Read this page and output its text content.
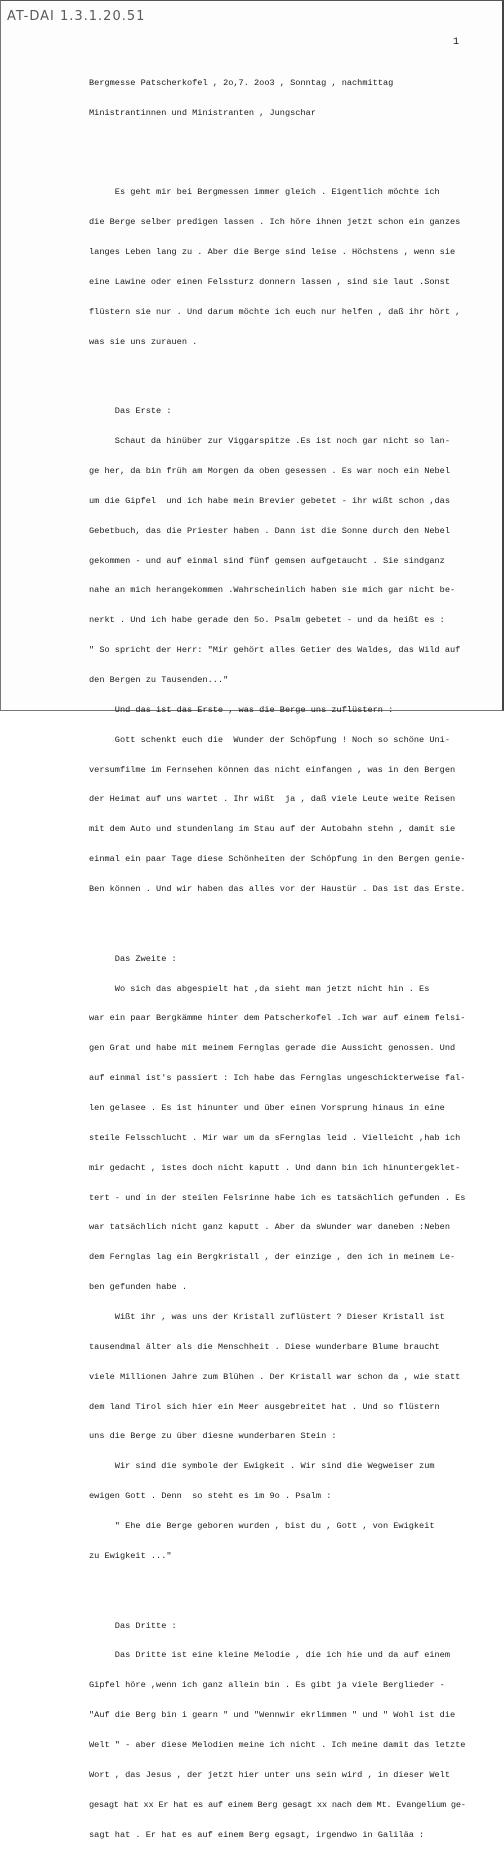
AT-DAI 1.3.1.20.51
1

Bergmesse Patscherkofel , 2o,7. 2oo3 , Sonntag , nachmittag

Ministrantinnen und Ministranten , Jungschar

Es geht mir bei Bergmessen immer gleich . Eigentlich möchte ich

die Berge selber predigen lassen . Ich höre ihnen jetzt schon ein ganzes

langes Leben lang zu . Aber die Berge sind leise . Höchstens , wenn sie

eine Lawine oder einen Felssturz donnern lassen , sind sie laut .Sonst

flüstern sie nur . Und darum möchte ich euch nur helfen , daß ihr hört ,

was sie uns zurauen .

Das Erste :

Schaut da hinüber zur Viggarspitze .Es ist noch gar nicht so lan-

ge her, da bin früh am Morgen da oben gesessen . Es war noch ein Nebel

um die Gipfel  und ich habe mein Brevier gebetet - ihr wißt schon ,das

Gebetbuch, das die Priester haben . Dann ist die Sonne durch den Nebel

gekommen - und auf einmal sind fünf gemsen aufgetaucht . Sie sindganz

nahe an mich herangekommen .Wahrscheinlich haben sie mich gar nicht be-

nerkt . Und ich habe gerade den 5o. Psalm gebetet - und da heißt es :

" So spricht der Herr: "Mir gehört alles Getier des Waldes, das Wild auf

den Bergen zu Tausenden..."

Und das ist das Erste , was die Berge uns zuflüstern :

Gott schenkt euch die  Wunder der Schöpfung ! Noch so schöne Uni-

versumfilme im Fernsehen können das nicht einfangen , was in den Bergen

der Heimat auf uns wartet . Ihr wißt  ja , daß viele Leute weite Reisen

mit dem Auto und stundenlang im Stau auf der Autobahn stehn , damit sie

einmal ein paar Tage diese Schönheiten der Schöpfung in den Bergen genie-

Ben können . Und wir haben das alles vor der Haustür . Das ist das Erste.

Das Zweite :

Wo sich das abgespielt hat ,da sieht man jetzt nicht hin . Es

war ein paar Bergkämme hinter dem Patscherkofel .Ich war auf einem felsi-

gen Grat und habe mit meinem Fernglas gerade die Aussicht genossen. Und

auf einmal ist's passiert : Ich habe das Fernglas ungeschickterweise fal-

len gelasee . Es ist hinunter und über einen Vorsprung hinaus in eine

steile Felsschlucht . Mir war um da sFernglas leid . Vielleicht ,hab ich

mir gedacht , istes doch nicht kaputt . Und dann bin ich hinuntergeklet-

tert - und in der steilen Felsrinne habe ich es tatsächlich gefunden . Es

war tatsächlich nicht ganz kaputt . Aber da sWunder war daneben :Neben

dem Fernglas lag ein Bergkristall , der einzige , den ich in meinem Le-

ben gefunden habe .

Wißt ihr , was uns der Kristall zuflüstert ? Dieser Kristall ist

tausendmal älter als die Menschheit . Diese wunderbare Blume braucht

viele Millionen Jahre zum Blühen . Der Kristall war schon da , wie statt

dem land Tirol sich hier ein Meer ausgebreitet hat . Und so flüstern

uns die Berge zu über diesne wunderbaren Stein :

Wir sind die symbole der Ewigkeit . Wir sind die Wegweiser zum

ewigen Gott . Denn  so steht es im 9o . Psalm :

" Ehe die Berge geboren wurden , bist du , Gott , von Ewigkeit

zu Ewigkeit ..."

Das Dritte :

Das Dritte ist eine kleine Melodie , die ich hie und da auf einem

Gipfel höre ,wenn ich ganz allein bin . Es gibt ja viele Berglieder -

"Auf die Berg bin i gearn " und "Wennwir ekrlimmen " und " Wohl ist die

Welt " - aber diese Melodien meine ich nicht . Ich meine damit das letzte

Wort , das Jesus , der jetzt hier unter uns sein wird , in dieser Welt

gesagt hat xx Er hat es auf einem Berg gesagt xx nach dem Mt. Evangelium ge-

sagt hat . Er hat es auf einem Berg egsagt, irgendwo in Galiläa :
